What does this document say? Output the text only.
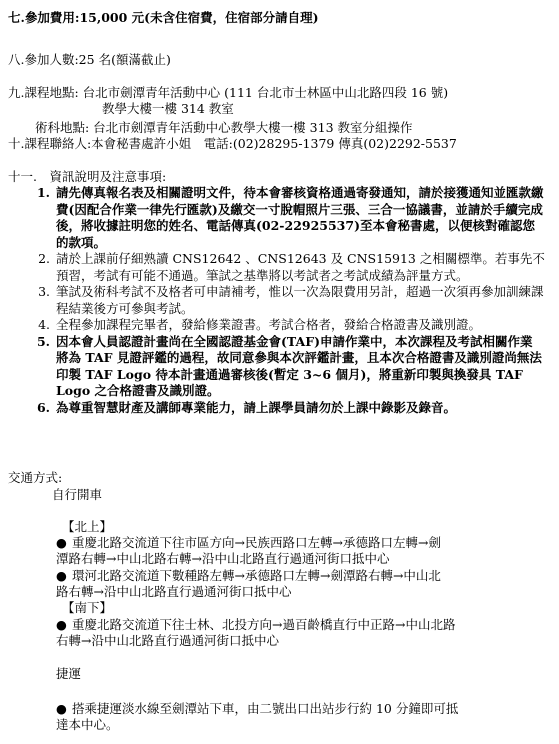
七.參加費用:15,000 元(未含住宿費，住宿部分請自理)
八.參加人數:25 名(額滿截止)
九.課程地點: 台北市劍潭青年活動中心 (111 台北市士林區中山北路四段 16 號)
教學大樓一樓 314 教室
術科地點: 台北市劍潭青年活動中心教學大樓一樓 313 教室分組操作
十.課程聯絡人:本會秘書處許小姐　電話:(02)28295-1379 傳真(02)2292-5537
十一.　資訊說明及注意事項:
1. 請先傳真報名表及相關證明文件，待本會審核資格通過寄發通知，請於接獲通知並匯款繳費(因配合作業一律先行匯款)及繳交一寸脫帽照片三張、三合一協議書，並請於手續完成後，將收據註明您的姓名、電話傳真(02-22925537)至本會秘書處，以便核對確認您的款項。
2. 請於上課前仔細熟讀 CNS12642 、CNS12643 及 CNS15913 之相關標準。若事先不預習，考試有可能不通過。筆試之基準將以考試者之考試成績為評量方式。
3. 筆試及術科考試不及格者可申請補考，惟以一次為限費用另計，超過一次須再參加訓練課程結業後方可參與考試。
4. 全程參加課程完畢者，發給修業證書。考試合格者，發給合格證書及識別證。
5. 因本會人員認證計畫尚在全國認證基金會(TAF)申請作業中，本次課程及考試相關作業將為 TAF 見證評鑑的過程，故同意參與本次評鑑計畫，且本次合格證書及識別證尚無法印製 TAF Logo 待本計畫通過審核後(暫定 3~6 個月)，將重新印製與換發具 TAF Logo 之合格證書及識別證。
6. 為尊重智慧財產及講師專業能力，請上課學員請勿於上課中錄影及錄音。
交通方式:
自行開車
【北上】
● 重慶北路交流道下往市區方向→民族西路口左轉→承德路口左轉→劍
潭路右轉→中山北路右轉→沿中山北路直行過通河街口抵中心
● 環河北路交流道下數種路左轉→承德路口左轉→劍潭路右轉→中山北
路右轉→沿中山北路直行過通河街口抵中心
【南下】
● 重慶北路交流道下往士林、北投方向→過百齡橋直行中正路→中山北路
右轉→沿中山北路直行過通河街口抵中心
捷運
● 搭乘捷運淡水線至劍潭站下車，由二號出口出站步行約 10 分鐘即可抵
達本中心。
